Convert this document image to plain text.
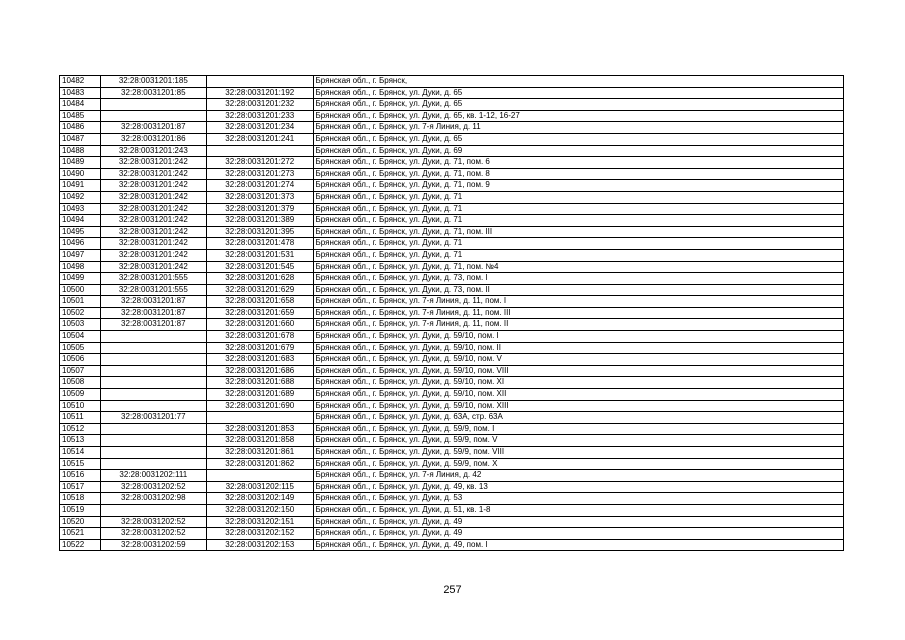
10482	32:28:0031201:185		Брянская обл., г. Брянск,
10483	32:28:0031201:85	32:28:0031201:192	Брянская обл., г. Брянск, ул. Дуки, д. 65
10484		32:28:0031201:232	Брянская обл., г. Брянск, ул. Дуки, д. 65
10485		32:28:0031201:233	Брянская обл., г. Брянск, ул. Дуки, д. 65, кв. 1-12, 16-27
10486	32:28:0031201:87	32:28:0031201:234	Брянская обл., г. Брянск, ул. 7-я Линия, д. 11
10487	32:28:0031201:86	32:28:0031201:241	Брянская обл., г. Брянск, ул. Дуки, д. 65
10488	32:28:0031201:243		Брянская обл., г. Брянск, ул. Дуки, д. 69
10489	32:28:0031201:242	32:28:0031201:272	Брянская обл., г. Брянск, ул. Дуки, д. 71, пом. 6
10490	32:28:0031201:242	32:28:0031201:273	Брянская обл., г. Брянск, ул. Дуки, д. 71, пом. 8
10491	32:28:0031201:242	32:28:0031201:274	Брянская обл., г. Брянск, ул. Дуки, д. 71, пом. 9
10492	32:28:0031201:242	32:28:0031201:373	Брянская обл., г. Брянск, ул. Дуки, д. 71
10493	32:28:0031201:242	32:28:0031201:379	Брянская обл., г. Брянск, ул. Дуки, д. 71
10494	32:28:0031201:242	32:28:0031201:389	Брянская обл., г. Брянск, ул. Дуки, д. 71
10495	32:28:0031201:242	32:28:0031201:395	Брянская обл., г. Брянск, ул. Дуки, д. 71, пом. III
10496	32:28:0031201:242	32:28:0031201:478	Брянская обл., г. Брянск, ул. Дуки, д. 71
10497	32:28:0031201:242	32:28:0031201:531	Брянская обл., г. Брянск, ул. Дуки, д. 71
10498	32:28:0031201:242	32:28:0031201:545	Брянская обл., г. Брянск, ул. Дуки, д. 71, пом. №4
10499	32:28:0031201:555	32:28:0031201:628	Брянская обл., г. Брянск, ул. Дуки, д. 73, пом. I
10500	32:28:0031201:555	32:28:0031201:629	Брянская обл., г. Брянск, ул. Дуки, д. 73, пом. II
10501	32:28:0031201:87	32:28:0031201:658	Брянская обл., г. Брянск, ул. 7-я Линия, д. 11, пом. I
10502	32:28:0031201:87	32:28:0031201:659	Брянская обл., г. Брянск, ул. 7-я Линия, д. 11, пом. III
10503	32:28:0031201:87	32:28:0031201:660	Брянская обл., г. Брянск, ул. 7-я Линия, д. 11, пом. II
10504		32:28:0031201:678	Брянская обл., г. Брянск, ул. Дуки, д. 59/10, пом. I
10505		32:28:0031201:679	Брянская обл., г. Брянск, ул. Дуки, д. 59/10, пом. II
10506		32:28:0031201:683	Брянская обл., г. Брянск, ул. Дуки, д. 59/10, пом. V
10507		32:28:0031201:686	Брянская обл., г. Брянск, ул. Дуки, д. 59/10, пом. VIII
10508		32:28:0031201:688	Брянская обл., г. Брянск, ул. Дуки, д. 59/10, пом. XI
10509		32:28:0031201:689	Брянская обл., г. Брянск, ул. Дуки, д. 59/10, пом. XII
10510		32:28:0031201:690	Брянская обл., г. Брянск, ул. Дуки, д. 59/10, пом. XIII
10511	32:28:0031201:77		Брянская обл., г. Брянск, ул. Дуки, д. 63А, стр. 63А
10512		32:28:0031201:853	Брянская обл., г. Брянск, ул. Дуки, д. 59/9, пом. I
10513		32:28:0031201:858	Брянская обл., г. Брянск, ул. Дуки, д. 59/9, пом. V
10514		32:28:0031201:861	Брянская обл., г. Брянск, ул. Дуки, д. 59/9, пом. VIII
10515		32:28:0031201:862	Брянская обл., г. Брянск, ул. Дуки, д. 59/9, пом. X
10516	32:28:0031202:111		Брянская обл., г. Брянск, ул. 7-я Линия, д. 42
10517	32:28:0031202:52	32:28:0031202:115	Брянская обл., г. Брянск, ул. Дуки, д. 49, кв. 13
10518	32:28:0031202:98	32:28:0031202:149	Брянская обл., г. Брянск, ул. Дуки, д. 53
10519		32:28:0031202:150	Брянская обл., г. Брянск, ул. Дуки, д. 51, кв. 1-8
10520	32:28:0031202:52	32:28:0031202:151	Брянская обл., г. Брянск, ул. Дуки, д. 49
10521	32:28:0031202:52	32:28:0031202:152	Брянская обл., г. Брянск, ул. Дуки, д. 49
10522	32:28:0031202:59	32:28:0031202:153	Брянская обл., г. Брянск, ул. Дуки, д. 49, пом. I
257
